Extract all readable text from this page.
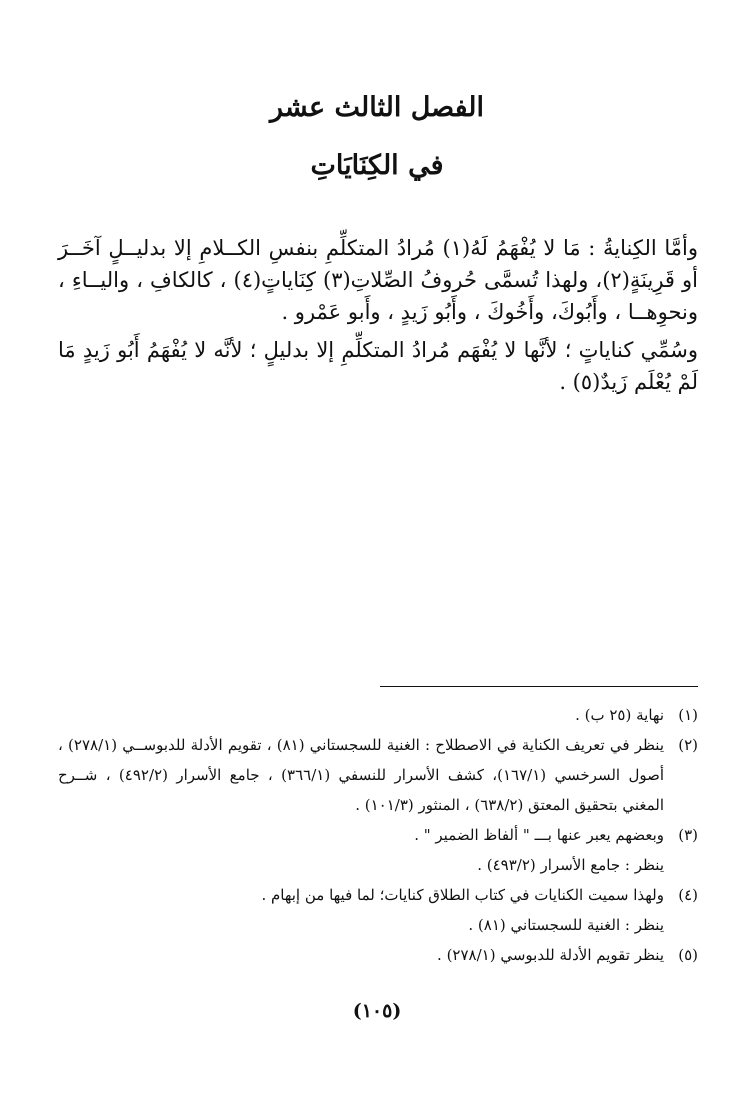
الفصل الثالث عشر
في الكِنَايَاتِ

وأمَّا الكِنايةُ : مَا لا يُفْهَمُ لَهُ(١) مُرادُ المتكلِّمِ بنفسِ الكــلامِ إلا بدليــلٍ آخَــرَ أو قَرِينَةٍ(٢)، ولهذا تُسمَّى حُروفُ الصِّلاتِ(٣) كِنَاياتٍ(٤) ، كالكافِ ، واليــاءِ ، ونحوِهــا ، وأَبُوكَ، وأَخُوكَ ، وأَبُو زَيدٍ ، وأَبو عَمْرو .

وسُمِّي كناياتٍ ؛ لأنَّها لا يُفْهَم مُرادُ المتكلِّمِ إلا بدليلٍ ؛ لأنَّه لا يُفْهَمُ أَبُو زَيدٍ مَا لَمْ يُعْلَم زَيدٌ(٥) .

(١)
نهاية (٢٥ ب) .
(٢)
ينظر في تعريف الكناية في الاصطلاح : الغنية للسجستاني (٨١) ، تقويم الأدلة للدبوســي (٢٧٨/١) ، أصول السرخسي (١٦٧/١)، كشف الأسرار للنسفي (٣٦٦/١) ، جامع الأسرار (٤٩٢/٢) ، شــرح المغني بتحقيق المعتق (٦٣٨/٢) ، المنثور (١٠١/٣) .
(٣)
وبعضهم يعبر عنها بـــ " ألفاظ الضمير " .

ينظر : جامع الأسرار (٤٩٣/٢) .

(٤)
ولهذا سميت الكنايات في كتاب الطلاق كنايات؛ لما فيها من إبهام .

ينظر : الغنية للسجستاني (٨١) .

(٥)
ينظر تقويم الأدلة للدبوسي (٢٧٨/١) .
(١٠٥)
